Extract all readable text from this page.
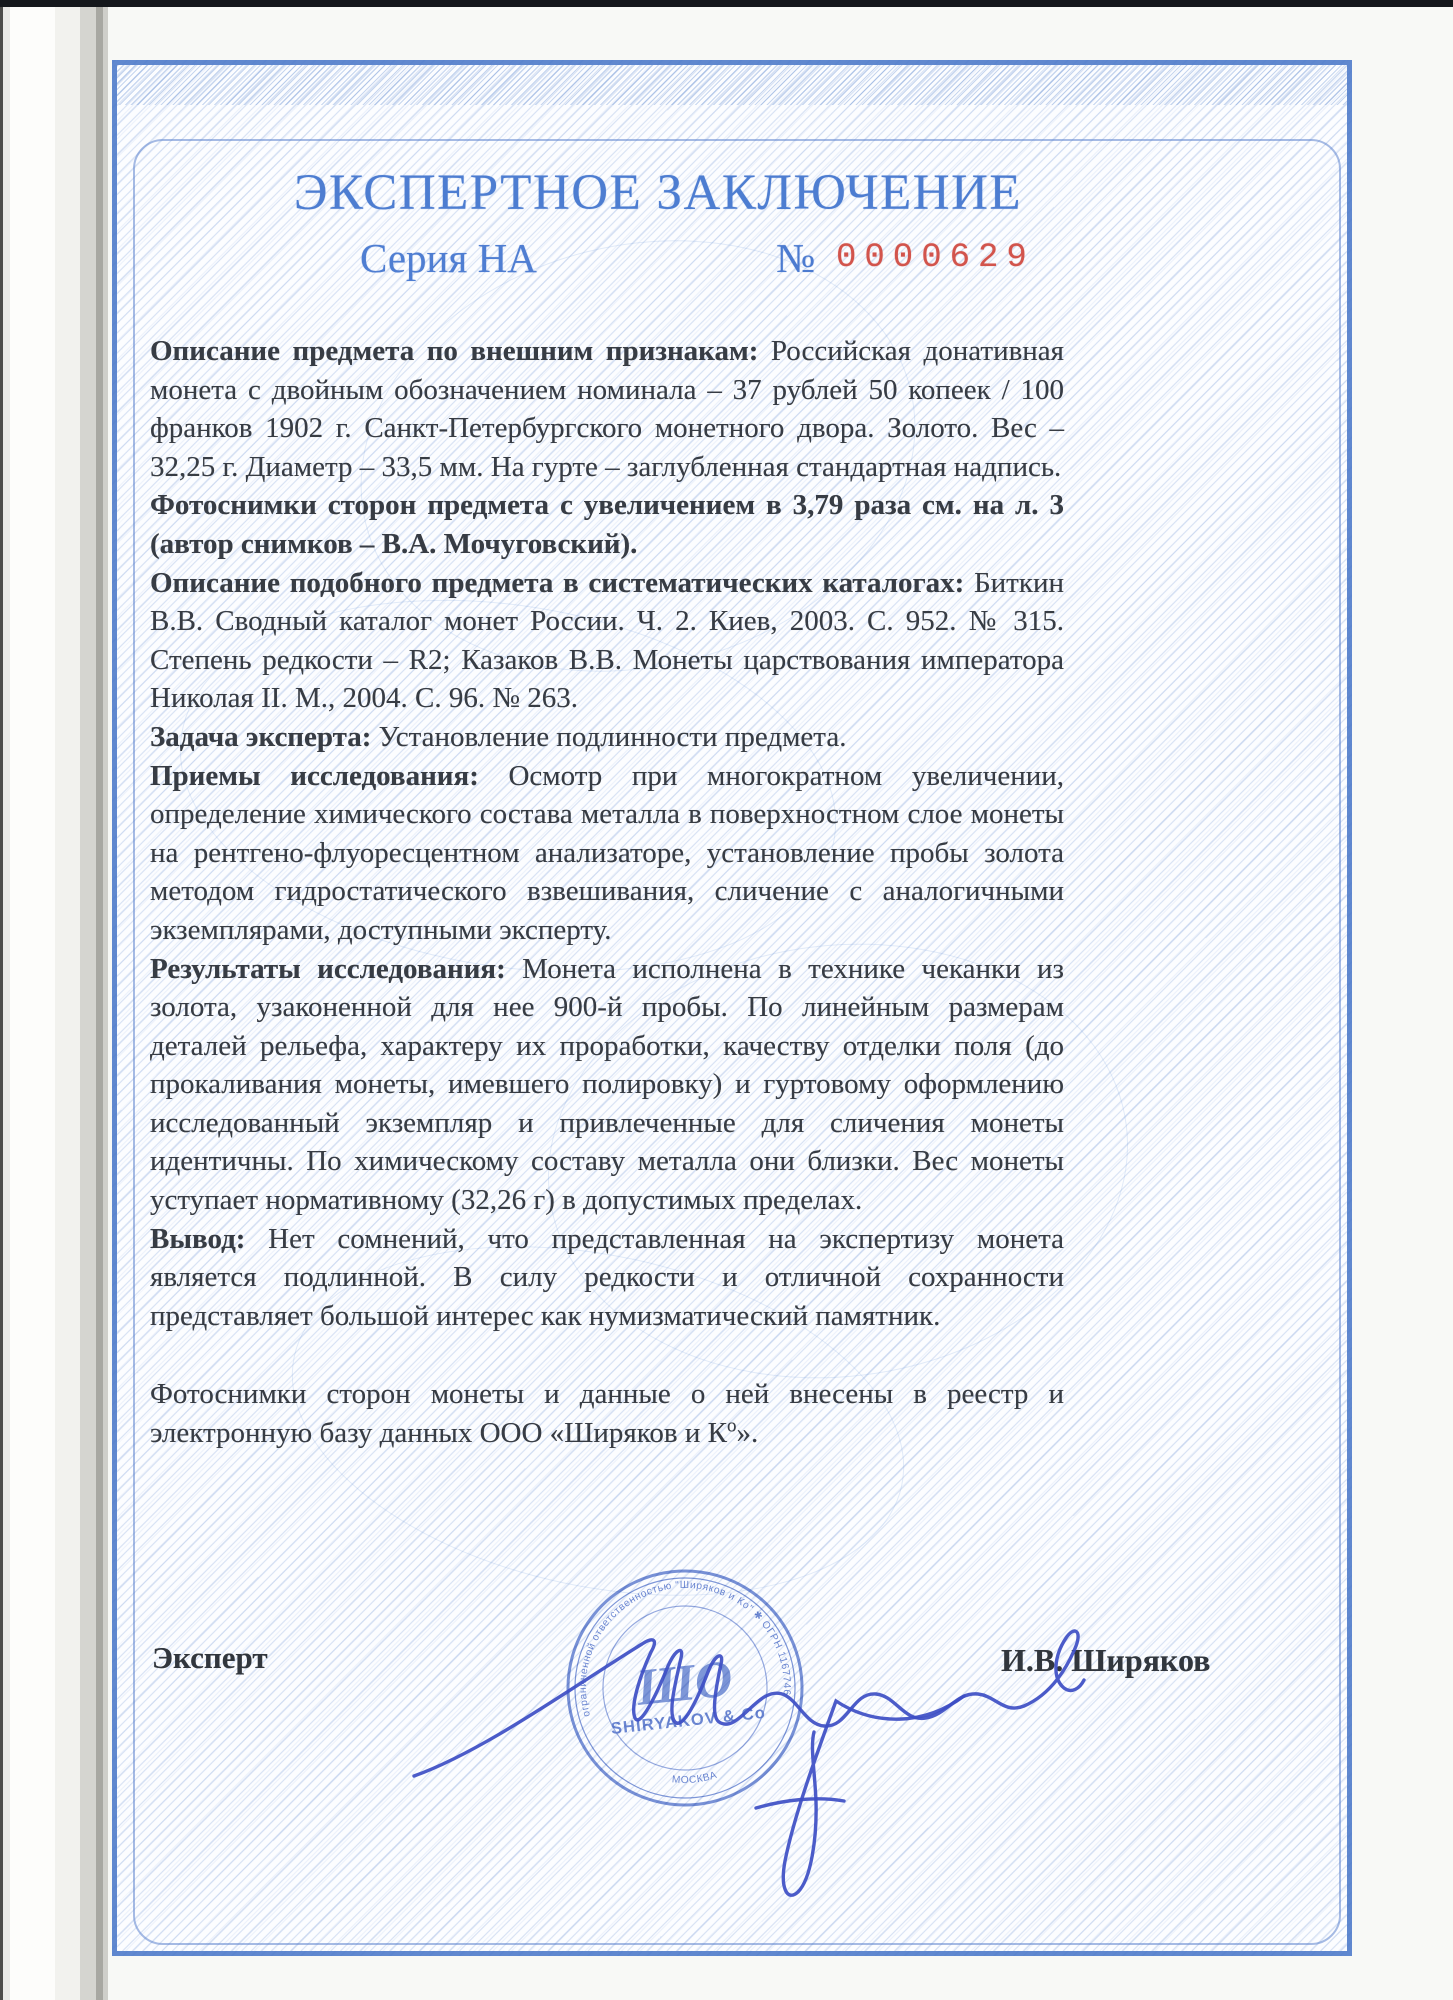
ЭКСПЕРТНОЕ ЗАКЛЮЧЕНИЕ
Серия НА	№ 0000629

Описание предмета по внешним признакам: Российская донативная монета с двойным обозначением номинала – 37 рублей 50 копеек / 100 франков 1902 г. Санкт-Петербургского монетного двора. Золото. Вес – 32,25 г. Диаметр – 33,5 мм. На гурте – заглубленная стандартная надпись.

Фотоснимки сторон предмета с увеличением в 3,79 раза см. на л. 3 (автор снимков – В.А. Мочуговский).

Описание подобного предмета в систематических каталогах: Биткин В.В. Сводный каталог монет России. Ч. 2. Киев, 2003. С. 952. № 315. Степень редкости – R2; Казаков В.В. Монеты царствования императора Николая II. М., 2004. С. 96. № 263.

Задача эксперта: Установление подлинности предмета.

Приемы исследования: Осмотр при многократном увеличении, определение химического состава металла в поверхностном слое монеты на рентгено-флуоресцентном анализаторе, установление пробы золота методом гидростатического взвешивания, сличение с аналогичными экземплярами, доступными эксперту.

Результаты исследования: Монета исполнена в технике чеканки из золота, узаконенной для нее 900-й пробы. По линейным размерам деталей рельефа, характеру их проработки, качеству отделки поля (до прокаливания монеты, имевшего полировку) и гуртовому оформлению исследованный экземпляр и привлеченные для сличения монеты идентичны. По химическому составу металла они близки. Вес монеты уступает нормативному (32,26 г) в допустимых пределах.

Вывод: Нет сомнений, что представленная на экспертизу монета является подлинной. В силу редкости и отличной сохранности представляет большой интерес как нумизматический памятник.

Фотоснимки сторон монеты и данные о ней внесены в реестр и электронную базу данных ООО «Ширяков и $К^о$».

Эксперт	И.В. Ширяков
ограниченной ответственностью "Ширяков и Ко" ✱ ОГРН 1167746
МОСКВА
ШО
SHIRYAKOV & Co
